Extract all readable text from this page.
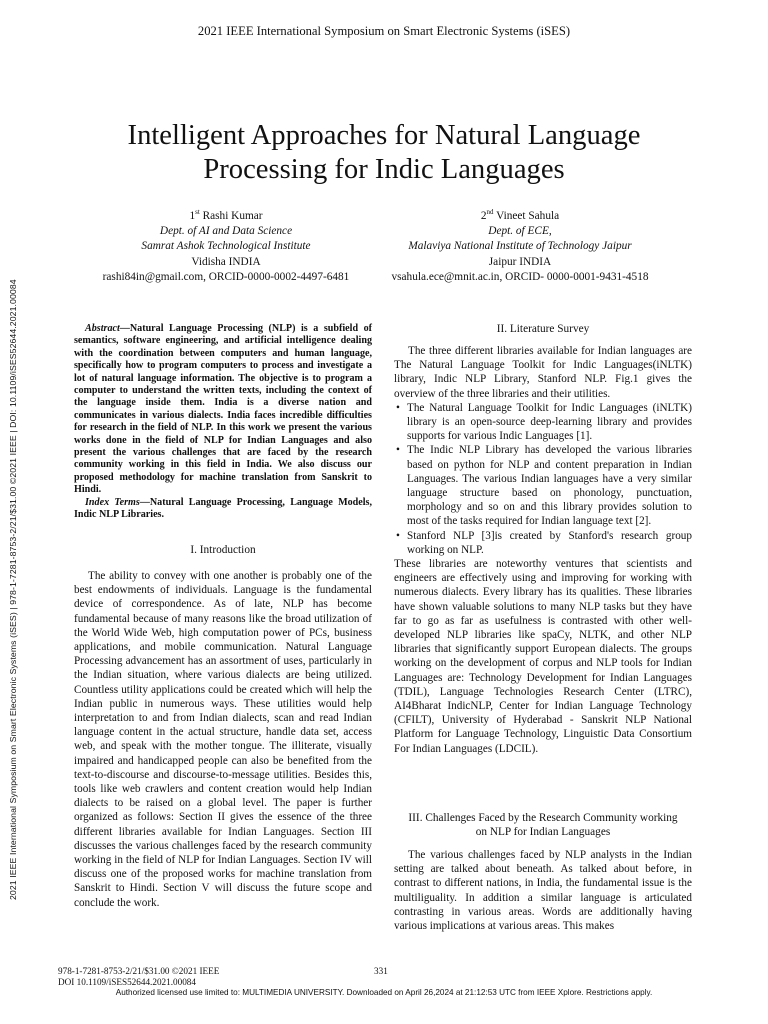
2021 IEEE International Symposium on Smart Electronic Systems (iSES)
Intelligent Approaches for Natural Language
Processing for Indic Languages
1st Rashi Kumar
Dept. of AI and Data Science
Samrat Ashok Technological Institute
Vidisha INDIA
rashi84in@gmail.com, ORCID-0000-0002-4497-6481
2nd Vineet Sahula
Dept. of ECE,
Malaviya National Institute of Technology Jaipur
Jaipur INDIA
vsahula.ece@mnit.ac.in, ORCID- 0000-0001-9431-4518
2021 IEEE International Symposium on Smart Electronic Systems (iSES) | 978-1-7281-8753-2/21/$31.00 ©2021 IEEE | DOI: 10.1109/iSES52644.2021.00084	Abstract—Natural Language Processing (NLP) is a subfield of semantics, software engineering, and artificial intelligence dealing with the coordination between computers and human language, specifically how to program computers to process and investigate a lot of natural language information. The objective is to program a computer to understand the written texts, including the context of the language inside them. India is a diverse nation and communicates in various dialects. India faces incredible difficulties for research in the field of NLP. In this work we present the various works done in the field of NLP for Indian Languages and also present the various challenges that are faced by the research community working in this field in India. We also discuss our proposed methodology for machine translation from Sanskrit to Hindi.

Index Terms—Natural Language Processing, Language Models, Indic NLP Libraries.

I. Introduction

The ability to convey with one another is probably one of the best endowments of individuals. Language is the fundamental device of correspondence. As of late, NLP has become fundamental because of many reasons like the broad utilization of the World Wide Web, high computation power of PCs, business applications, and mobile communication. Natural Language Processing advancement has an assortment of uses, particularly in the Indian situation, where various dialects are being utilized. Countless utility applications could be created which will help the Indian public in numerous ways. These utilities would help interpretation to and from Indian dialects, scan and read Indian language content in the actual structure, handle data set, access web, and speak with the mother tongue. The illiterate, visually impaired and handicapped people can also be benefited from the text-to-discourse and discourse-to-message utilities. Besides this, tools like web crawlers and content creation would help Indian dialects to be raised on a global level. The paper is further organized as follows: Section II gives the essence of the three different libraries available for Indian Languages. Section III discusses the various challenges faced by the research community working in the field of NLP for Indian Languages. Section IV will discuss one of the proposed works for machine translation from Sanskrit to Hindi. Section V will discuss the future scope and conclude the work.

II. Literature Survey

The three different libraries available for Indian languages are The Natural Language Toolkit for Indic Languages(iNLTK) library, Indic NLP Library, Stanford NLP. Fig.1 gives the overview of the three libraries and their utilities.

• The Natural Language Toolkit for Indic Languages (iNLTK) library is an open-source deep-learning library and provides supports for various Indic Languages [1].
• The Indic NLP Library has developed the various libraries based on python for NLP and content preparation in Indian Languages. The various Indian languages have a very similar language structure based on phonology, punctuation, morphology and so on and this library provides solution to most of the tasks required for Indian language text [2].
• Stanford NLP [3]is created by Stanford's research group working on NLP.

These libraries are noteworthy ventures that scientists and engineers are effectively using and improving for working with numerous dialects. Every library has its qualities. These libraries have shown valuable solutions to many NLP tasks but they have far to go as far as usefulness is contrasted with other well-developed NLP libraries like spaCy, NLTK, and other NLP libraries that significantly support European dialects. The groups working on the development of corpus and NLP tools for Indian Languages are: Technology Development for Indian Languages (TDIL), Language Technologies Research Center (LTRC), AI4Bharat IndicNLP, Center for Indian Language Technology (CFILT), University of Hyderabad - Sanskrit NLP National Platform for Language Technology, Linguistic Data Consortium For Indian Languages (LDCIL).

III. Challenges Faced by the Research Community working
on NLP for Indian Languages

The various challenges faced by NLP analysts in the Indian setting are talked about beneath. As talked about before, in contrast to different nations, in India, the fundamental issue is the multiliguality. In addition a similar language is articulated contrasting in various areas. Words are additionally having various implications at various areas. This makes

978-1-7281-8753-2/21/$31.00 ©2021 IEEE
DOI 10.1109/iSES52644.2021.00084
331
Authorized licensed use limited to: MULTIMEDIA UNIVERSITY. Downloaded on April 26,2024 at 21:12:53 UTC from IEEE Xplore. Restrictions apply.
